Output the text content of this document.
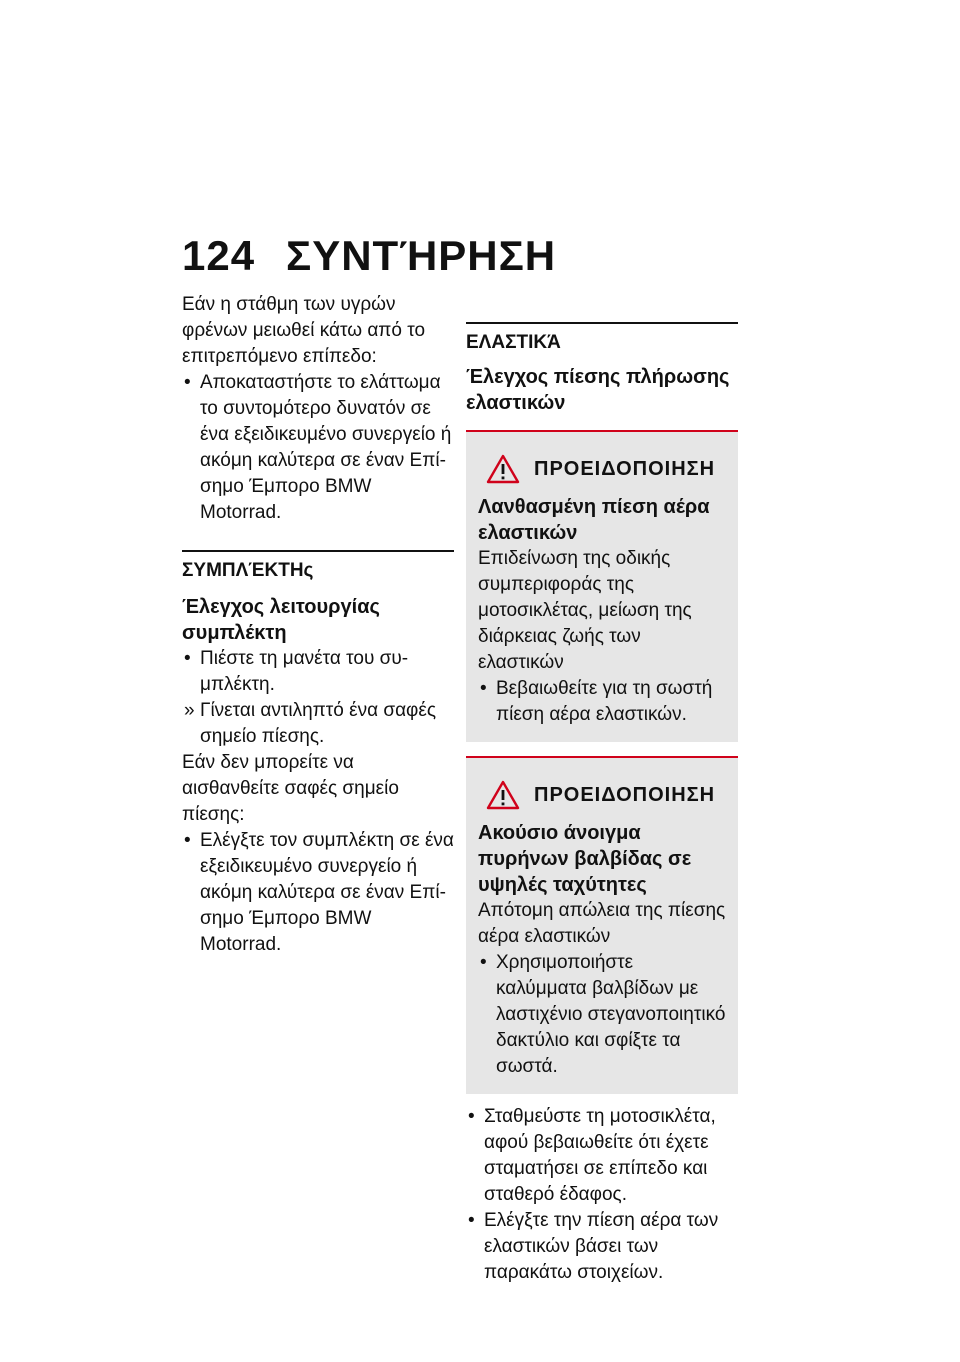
124 ΣΥΝΤΉΡΗΣΗ

Εάν η στάθμη των υγρών φρένων μειωθεί κάτω από το επιτρεπόμενο επίπεδο:

• Αποκαταστήστε το ελάττωμα το συντομότερο δυνατόν σε ένα εξειδικευμένο συνεργείο ή ακόμη καλύτερα σε έναν Επίσημο Έμπορο BMW Motorrad.

ΣΥΜΠΛΈΚΤΗς

Έλεγχος λειτουργίας συμπλέκτη

• Πιέστε τη μανέτα του συμπλέκτη.
» Γίνεται αντιληπτό ένα σαφές σημείο πίεσης.

Εάν δεν μπορείτε να αισθανθείτε σαφές σημείο πίεσης:

• Ελέγξτε τον συμπλέκτη σε ένα εξειδικευμένο συνεργείο ή ακόμη καλύτερα σε έναν Επίσημο Έμπορο BMW Motorrad.

ΕΛΑΣΤΙΚΆ

Έλεγχος πίεσης πλήρωσης ελαστικών

ΠΡΟΕΙΔΟΠΟΙΗΣΗ

Λανθασμένη πίεση αέρα ελαστικών

Επιδείνωση της οδικής συμπεριφοράς της μοτοσικλέτας, μείωση της διάρκειας ζωής των ελαστικών

• Βεβαιωθείτε για τη σωστή πίεση αέρα ελαστικών.
ΠΡΟΕΙΔΟΠΟΙΗΣΗ

Ακούσιο άνοιγμα πυρήνων βαλβίδας σε υψηλές ταχύτητες

Απότομη απώλεια της πίεσης αέρα ελαστικών

• Χρησιμοποιήστε καλύμματα βαλβίδων με λαστιχένιο στεγανοποιητικό δακτύλιο και σφίξτε τα σωστά.
• Σταθμεύστε τη μοτοσικλέτα, αφού βεβαιωθείτε ότι έχετε σταματήσει σε επίπεδο και σταθερό έδαφος.
• Ελέγξτε την πίεση αέρα των ελαστικών βάσει των παρακάτω στοιχείων.
